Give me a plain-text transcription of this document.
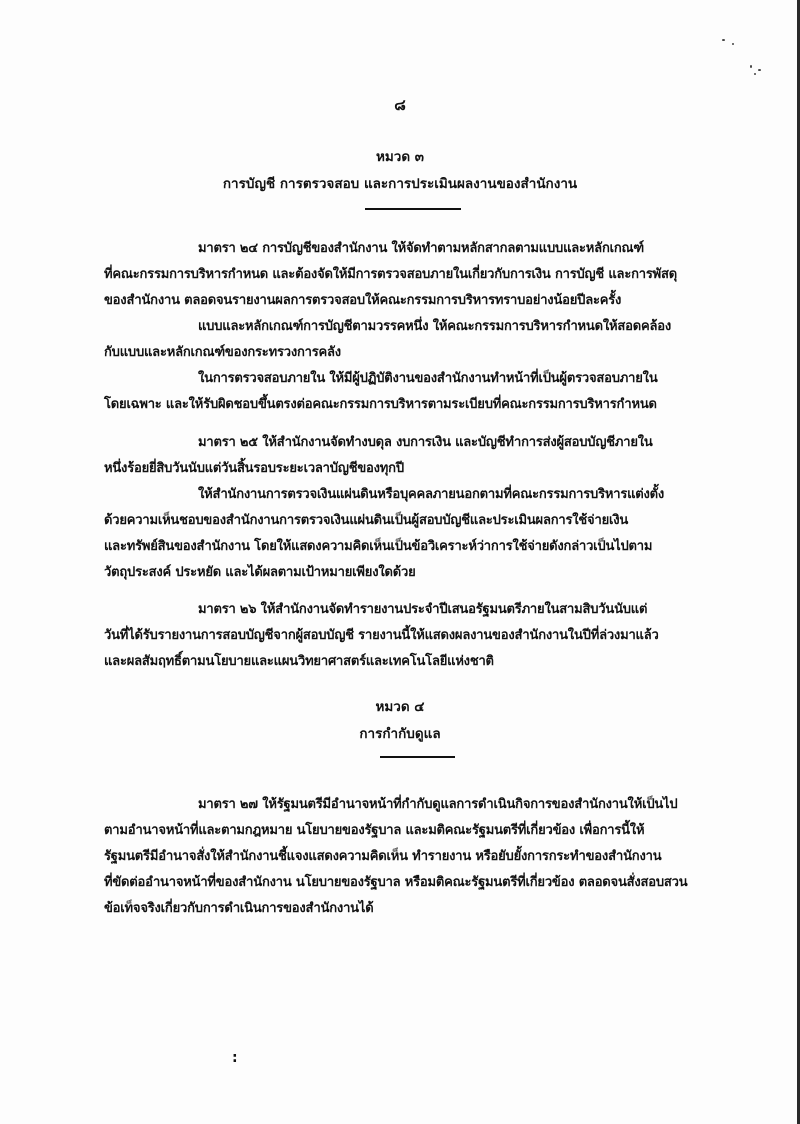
๘
หมวด ๓
การบัญชี การตรวจสอบ และการประเมินผลงานของสำนักงาน
มาตรา ๒๔ การบัญชีของสำนักงาน ให้จัดทำตามหลักสากลตามแบบและหลักเกณฑ์
ที่คณะกรรมการบริหารกำหนด และต้องจัดให้มีการตรวจสอบภายในเกี่ยวกับการเงิน การบัญชี และการพัสดุ
ของสำนักงาน ตลอดจนรายงานผลการตรวจสอบให้คณะกรรมการบริหารทราบอย่างน้อยปีละครั้ง
แบบและหลักเกณฑ์การบัญชีตามวรรคหนึ่ง ให้คณะกรรมการบริหารกำหนดให้สอดคล้อง
กับแบบและหลักเกณฑ์ของกระทรวงการคลัง
ในการตรวจสอบภายใน ให้มีผู้ปฏิบัติงานของสำนักงานทำหน้าที่เป็นผู้ตรวจสอบภายใน
โดยเฉพาะ และให้รับผิดชอบขึ้นตรงต่อคณะกรรมการบริหารตามระเบียบที่คณะกรรมการบริหารกำหนด
มาตรา ๒๕ ให้สำนักงานจัดทำงบดุล งบการเงิน และบัญชีทำการส่งผู้สอบบัญชีภายใน
หนึ่งร้อยยี่สิบวันนับแต่วันสิ้นรอบระยะเวลาบัญชีของทุกปี
ให้สำนักงานการตรวจเงินแผ่นดินหรือบุคคลภายนอกตามที่คณะกรรมการบริหารแต่งตั้ง
ด้วยความเห็นชอบของสำนักงานการตรวจเงินแผ่นดินเป็นผู้สอบบัญชีและประเมินผลการใช้จ่ายเงิน
และทรัพย์สินของสำนักงาน โดยให้แสดงความคิดเห็นเป็นข้อวิเคราะห์ว่าการใช้จ่ายดังกล่าวเป็นไปตาม
วัตถุประสงค์ ประหยัด และได้ผลตามเป้าหมายเพียงใดด้วย
มาตรา ๒๖ ให้สำนักงานจัดทำรายงานประจำปีเสนอรัฐมนตรีภายในสามสิบวันนับแต่
วันที่ได้รับรายงานการสอบบัญชีจากผู้สอบบัญชี รายงานนี้ให้แสดงผลงานของสำนักงานในปีที่ล่วงมาแล้ว
และผลสัมฤทธิ์ตามนโยบายและแผนวิทยาศาสตร์และเทคโนโลยีแห่งชาติ
หมวด ๔
การกำกับดูแล
มาตรา ๒๗ ให้รัฐมนตรีมีอำนาจหน้าที่กำกับดูแลการดำเนินกิจการของสำนักงานให้เป็นไป
ตามอำนาจหน้าที่และตามกฎหมาย นโยบายของรัฐบาล และมติคณะรัฐมนตรีที่เกี่ยวข้อง เพื่อการนี้ให้
รัฐมนตรีมีอำนาจสั่งให้สำนักงานชี้แจงแสดงความคิดเห็น ทำรายงาน หรือยับยั้งการกระทำของสำนักงาน
ที่ขัดต่ออำนาจหน้าที่ของสำนักงาน นโยบายของรัฐบาล หรือมติคณะรัฐมนตรีที่เกี่ยวข้อง ตลอดจนสั่งสอบสวน
ข้อเท็จจริงเกี่ยวกับการดำเนินการของสำนักงานได้
:
